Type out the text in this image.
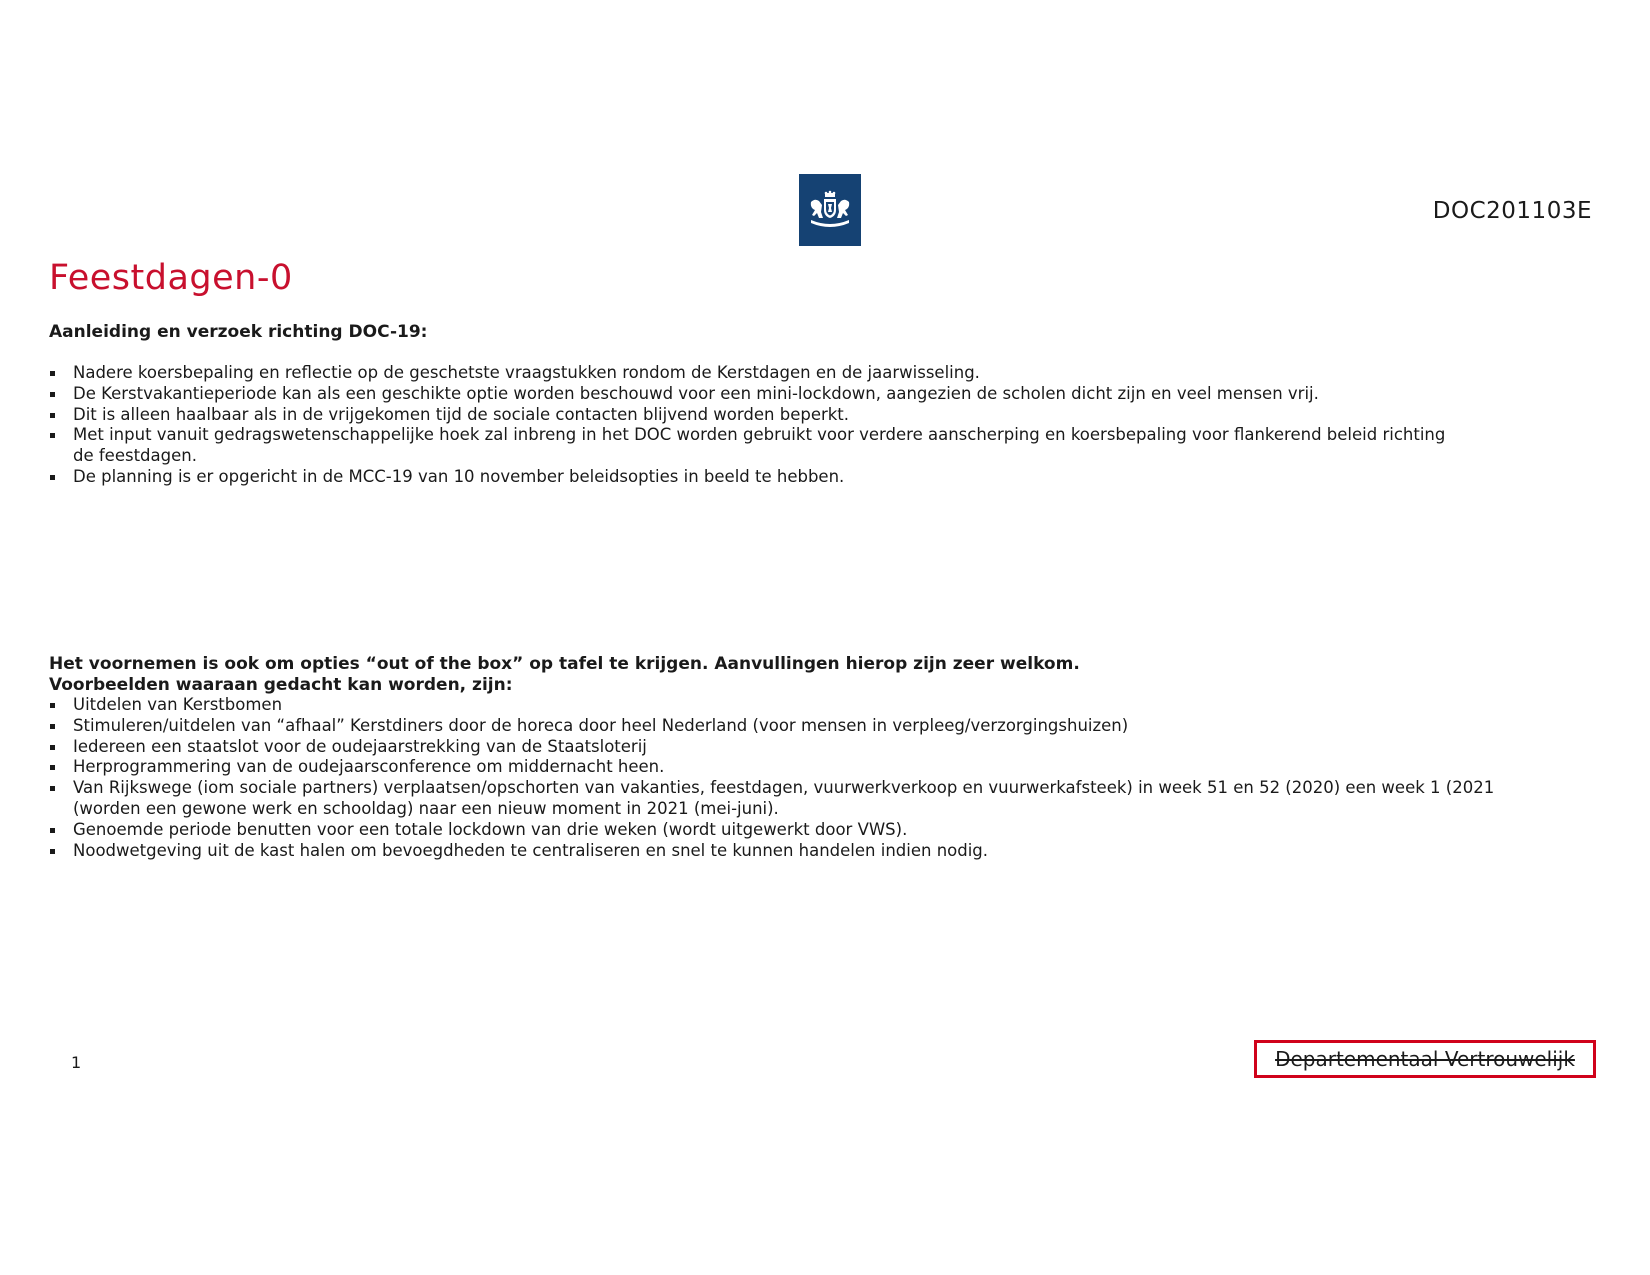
DOC201103E
Feestdagen-0

Aanleiding en verzoek richting DOC-19:

Nadere koersbepaling en reflectie op de geschetste vraagstukken rondom de Kerstdagen en de jaarwisseling.
De Kerstvakantieperiode kan als een geschikte optie worden beschouwd voor een mini-lockdown, aangezien de scholen dicht zijn en veel mensen vrij.
Dit is alleen haalbaar als in de vrijgekomen tijd de sociale contacten blijvend worden beperkt.
Met input vanuit gedragswetenschappelijke hoek zal inbreng in het DOC worden gebruikt voor verdere aanscherping en koersbepaling voor flankerend beleid richting de feestdagen.
De planning is er opgericht in de MCC-19 van 10 november beleidsopties in beeld te hebben.

Het voornemen is ook om opties “out of the box” op tafel te krijgen. Aanvullingen hierop zijn zeer welkom.

Voorbeelden waaraan gedacht kan worden, zijn:

Uitdelen van Kerstbomen
Stimuleren/uitdelen van “afhaal” Kerstdiners door de horeca door heel Nederland (voor mensen in verpleeg/verzorgingshuizen)
Iedereen een staatslot voor de oudejaarstrekking van de Staatsloterij
Herprogrammering van de oudejaarsconference om middernacht heen.
Van Rijkswege (iom sociale partners) verplaatsen/opschorten van vakanties, feestdagen, vuurwerkverkoop en vuurwerkafsteek) in week 51 en 52 (2020) een week 1 (2021 (worden een gewone werk en schooldag) naar een nieuw moment in 2021 (mei-juni).
Genoemde periode benutten voor een totale lockdown van drie weken (wordt uitgewerkt door VWS).
Noodwetgeving uit de kast halen om bevoegdheden te centraliseren en snel te kunnen handelen indien nodig.
1	Departementaal Vertrouwelijk
